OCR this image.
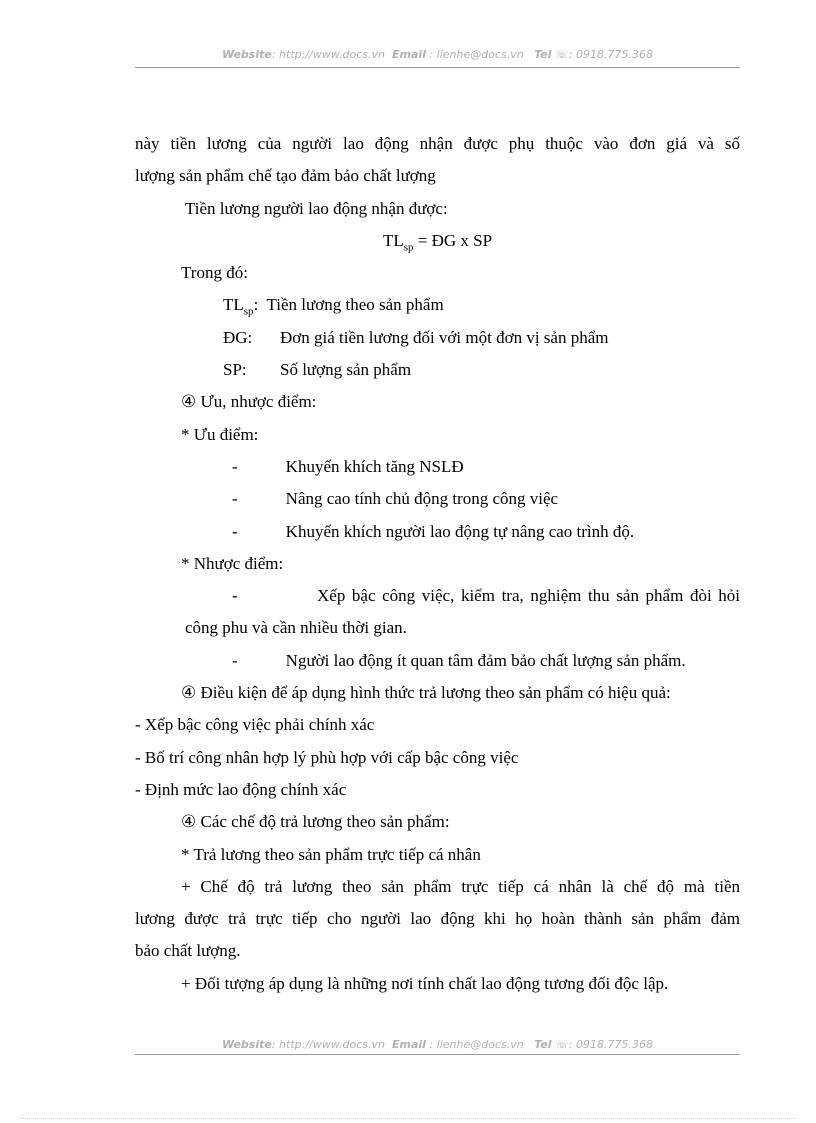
Website: http://www.docs.vn Email : lienhe@docs.vn Tel ☏: 0918.775.368
này tiền lương của người lao động nhận được phụ thuộc vào đơn giá và số
lượng sản phẩm chế tạo đảm bảo chất lượng
Tiền lương người lao động nhận được:
$TL_{sp}$ = ĐG x SP
Trong đó:
$TL_{sp}$: Tiền lương theo sản phẩm
ĐG: Đơn giá tiền lương đối với một đơn vị sản phẩm
SP: Số lượng sản phẩm
④ Ưu, nhược điểm:
* Ưu điểm:
-	Khuyến khích tăng NSLĐ
-	Nâng cao tính chủ động trong công việc
-	Khuyến khích người lao động tự nâng cao trình độ.
* Nhược điểm:
-	Xếp bậc công việc, kiểm tra, nghiệm thu sản phẩm đòi hỏi
công phu và cần nhiều thời gian.
-	Người lao động ít quan tâm đảm bảo chất lượng sản phẩm.
④ Điều kiện để áp dụng hình thức trả lương theo sản phẩm có hiệu quả:
- Xếp bậc công việc phải chính xác
- Bố trí công nhân hợp lý phù hợp với cấp bậc công việc
- Định mức lao động chính xác
④ Các chế độ trả lương theo sản phẩm:
* Trả lương theo sản phẩm trực tiếp cá nhân
+ Chế độ trả lương theo sản phẩm trực tiếp cá nhân là chế độ mà tiền
lương được trả trực tiếp cho người lao động khi họ hoàn thành sản phẩm đảm
bảo chất lượng.
+ Đối tượng áp dụng là những nơi tính chất lao động tương đối độc lập.
Website: http://www.docs.vn Email : lienhe@docs.vn Tel ☏: 0918.775.368
